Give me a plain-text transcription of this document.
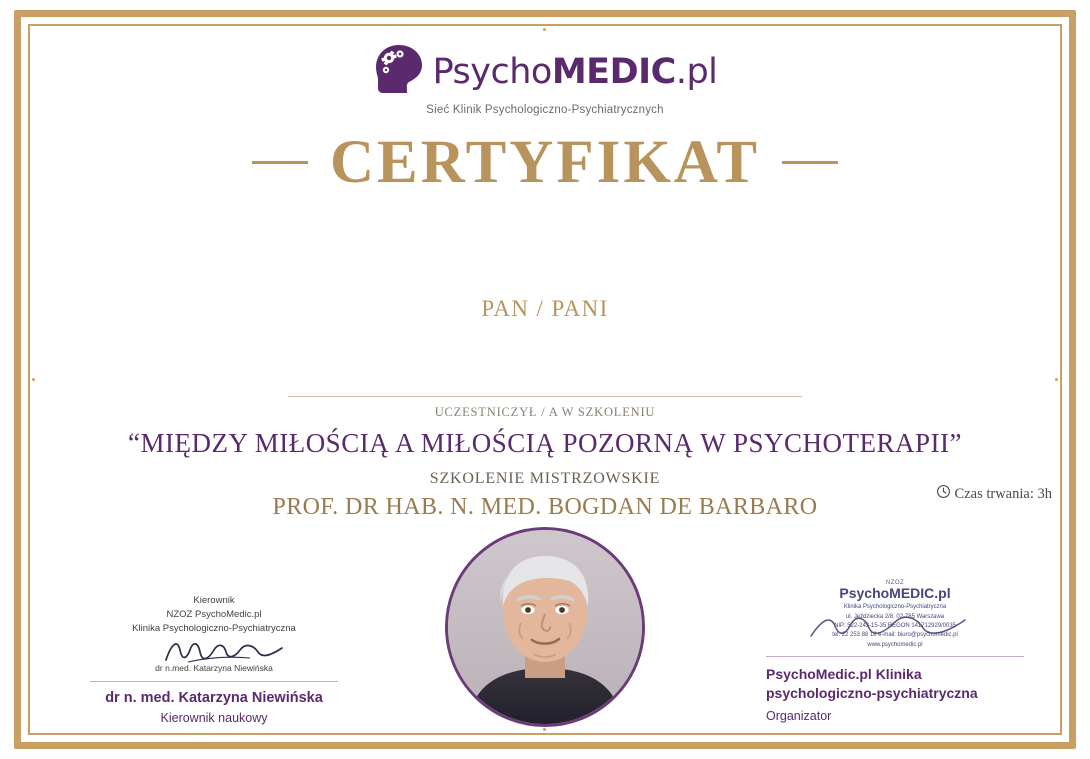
PsychoMEDIC.pl
Sieć Klinik Psychologiczno-Psychiatrycznych
CERTYFIKAT
PAN / PANI
UCZESTNICZYŁ / A W SZKOLENIU
“MIĘDZY MIŁOŚCIĄ A MIŁOŚCIĄ POZORNĄ W PSYCHOTERAPII”
SZKOLENIE MISTRZOWSKIE
PROF. DR HAB. N. MED. BOGDAN DE BARBARO
Czas trwania: 3h
Kierownik
NZOZ PsychoMedic.pl
Klinika Psychologiczno-Psychiatryczna
dr n.med. Katarzyna Niewińska
dr n. med. Katarzyna Niewińska
Kierownik naukowy
NZOZ
PsychoMEDIC.pl
Klinika Psychologiczno-Psychiatryczna
ul. Jeździecka 2/8, 02-785 Warszawa
NIP: 522-243-15-35 REGON 141712929/0035
tel. 22 253 88 18 e-mail: biuro@psychomedic.pl
www.psychomedic.pl
PsychoMedic.pl Klinika
psychologiczno-psychiatryczna
Organizator
